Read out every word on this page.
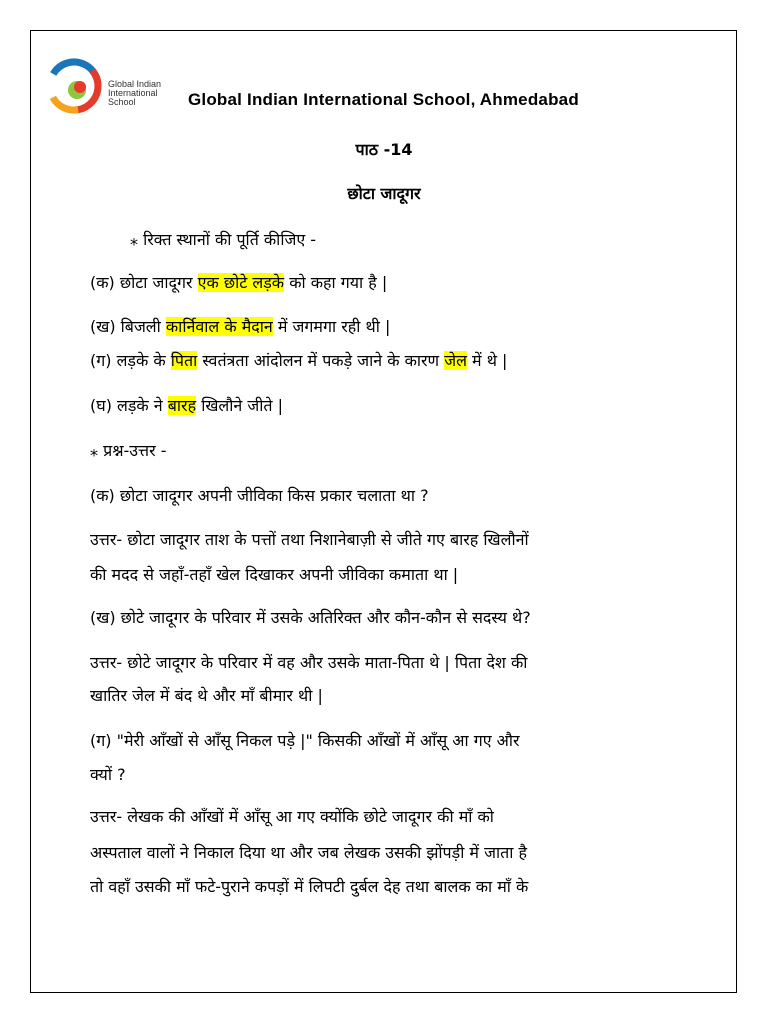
Global Indian
International
School	Global Indian International School, Ahmedabad
पाठ -14
छोटा जादूगर
⁎ रिक्त स्थानों की पूर्ति कीजिए -
(क) छोटा जादूगर एक छोटे लड़के को कहा गया है |
(ख) बिजली कार्निवाल के मैदान में जगमगा रही थी |
(ग) लड़के के पिता स्वतंत्रता आंदोलन में पकड़े जाने के कारण जेल में थे |
(घ) लड़के ने बारह खिलौने जीते |
⁎ प्रश्न-उत्तर -
(क) छोटा जादूगर अपनी जीविका किस प्रकार चलाता था ?
उत्तर- छोटा जादूगर ताश के पत्तों तथा निशानेबाज़ी से जीते गए बारह खिलौनों
की मदद से जहाँ-तहाँ खेल दिखाकर अपनी जीविका कमाता था |
(ख) छोटे जादूगर के परिवार में उसके अतिरिक्त और कौन-कौन से सदस्य थे?
उत्तर- छोटे जादूगर के परिवार में वह और उसके माता-पिता थे | पिता देश की
खातिर जेल में बंद थे और माँ बीमार थी |
(ग) "मेरी आँखों से आँसू निकल पड़े |" किसकी आँखों में आँसू आ गए और
क्यों ?
उत्तर- लेखक की आँखों में आँसू आ गए क्योंकि छोटे जादूगर की माँ को
अस्पताल वालों ने निकाल दिया था और जब लेखक उसकी झोंपड़ी में जाता है
तो वहाँ उसकी माँ फटे-पुराने कपड़ों में लिपटी दुर्बल देह तथा बालक का माँ के
